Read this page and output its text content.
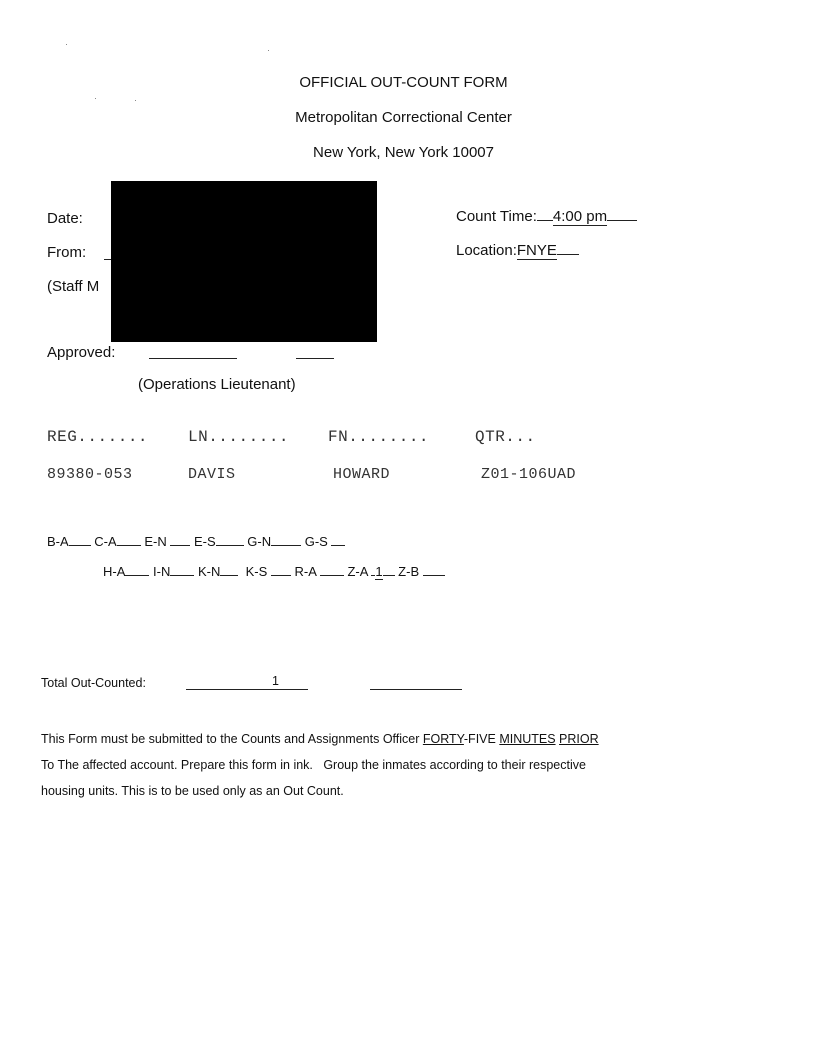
OFFICIAL OUT-COUNT FORM
Metropolitan Correctional Center
New York, New York 10007
Date:
From:
(Staff M
Count Time: 4:00 pm
Location:FNYE
Approved:
(Operations Lieutenant)
REG....... LN........ FN........	QTR...
89380-053	DAVIS	HOWARD	Z01-106UAD
B-A C-A E-N E-S G-N	G-S
H-A I-N K-N K-S R-A Z-A 1 Z-B
Total Out-Counted:	1
This Form must be submitted to the Counts and Assignments Officer FORTY-FIVE MINUTES PRIOR
To The affected account. Prepare this form in ink.   Group the inmates according to their respective
housing units. This is to be used only as an Out Count.
